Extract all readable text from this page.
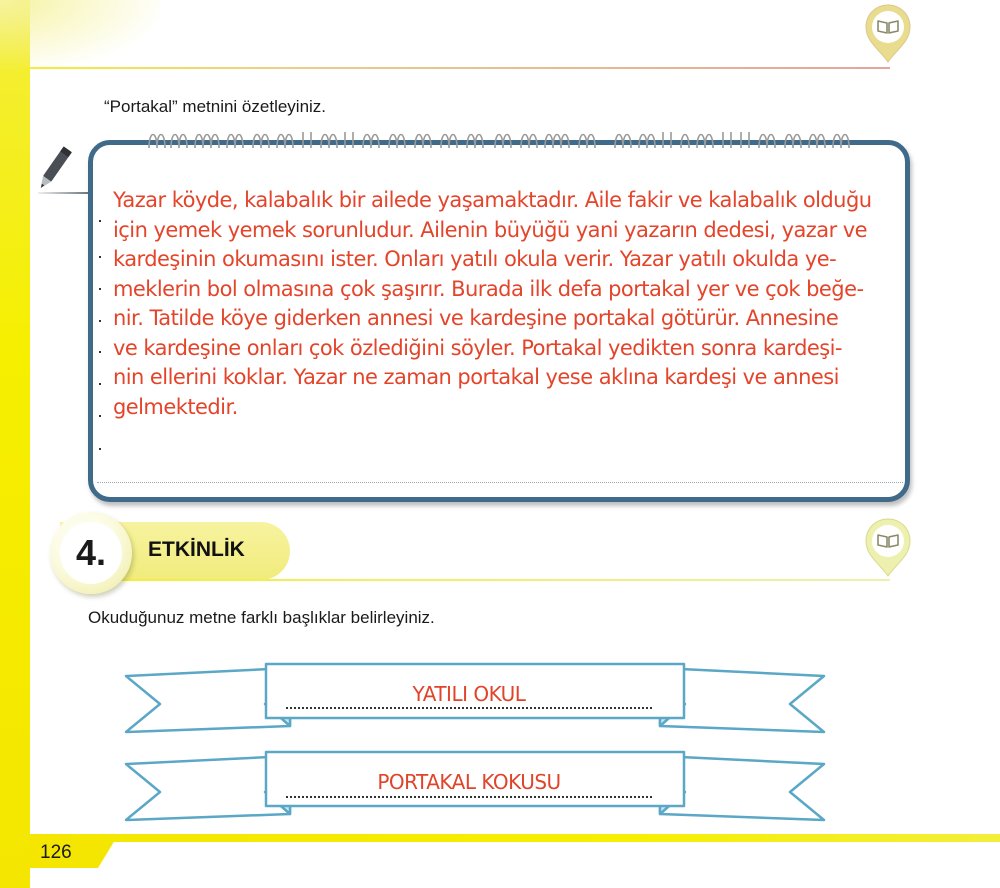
“Portakal” metnini özetleyiniz.

Yazar köyde, kalabalık bir ailede yaşamaktadır. Aile fakir ve kalabalık olduğu
için yemek yemek sorunludur. Ailenin büyüğü yani yazarın dedesi, yazar ve
kardeşinin okumasını ister. Onları yatılı okula verir. Yazar yatılı okulda ye-
meklerin bol olmasına çok şaşırır. Burada ilk defa portakal yer ve çok beğe-
nir. Tatilde köye giderken annesi ve kardeşine portakal götürür. Annesine
ve kardeşine onları çok özlediğini söyler. Portakal yedikten sonra kardeşi-
nin ellerini koklar. Yazar ne zaman portakal yese aklına kardeşi ve annesi
gelmektedir.

4.	ETKİNLİK
Okuduğunuz metne farklı başlıklar belirleyiniz.
YATILI OKUL
PORTAKAL KOKUSU
126
